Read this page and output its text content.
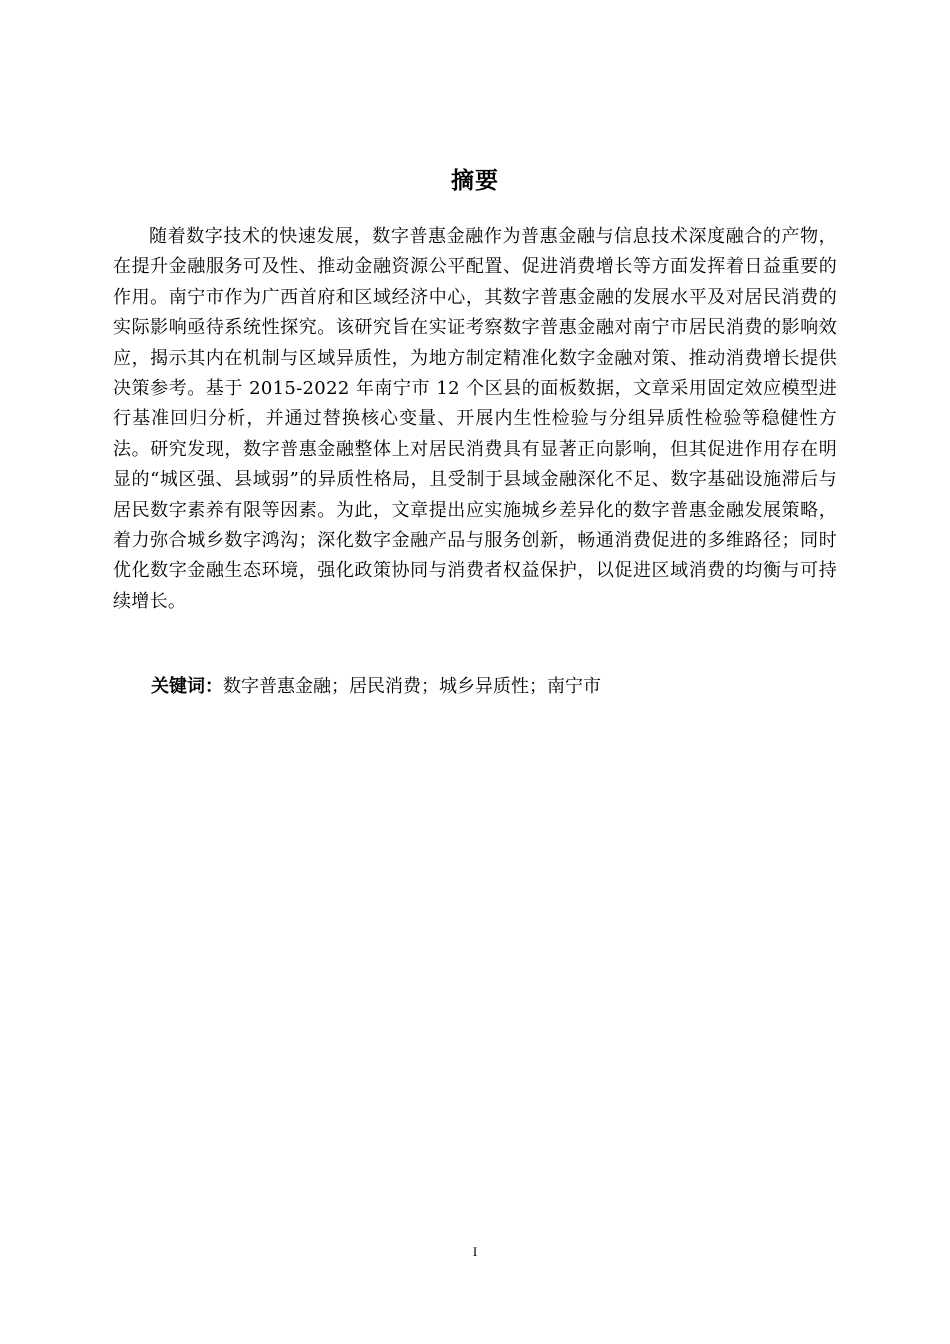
摘要

随着数字技术的快速发展，数字普惠金融作为普惠金融与信息技术深度融合的产物，在提升金融服务可及性、推动金融资源公平配置、促进消费增长等方面发挥着日益重要的作用。南宁市作为广西首府和区域经济中心，其数字普惠金融的发展水平及对居民消费的实际影响亟待系统性探究。该研究旨在实证考察数字普惠金融对南宁市居民消费的影响效应，揭示其内在机制与区域异质性，为地方制定精准化数字金融对策、推动消费增长提供决策参考。基于 2015-2022 年南宁市 12 个区县的面板数据，文章采用固定效应模型进行基准回归分析，并通过替换核心变量、开展内生性检验与分组异质性检验等稳健性方法。研究发现，数字普惠金融整体上对居民消费具有显著正向影响，但其促进作用存在明显的“城区强、县域弱”的异质性格局，且受制于县域金融深化不足、数字基础设施滞后与居民数字素养有限等因素。为此，文章提出应实施城乡差异化的数字普惠金融发展策略，着力弥合城乡数字鸿沟；深化数字金融产品与服务创新，畅通消费促进的多维路径；同时优化数字金融生态环境，强化政策协同与消费者权益保护，以促进区域消费的均衡与可持续增长。

关键词：数字普惠金融；居民消费；城乡异质性；南宁市

I
